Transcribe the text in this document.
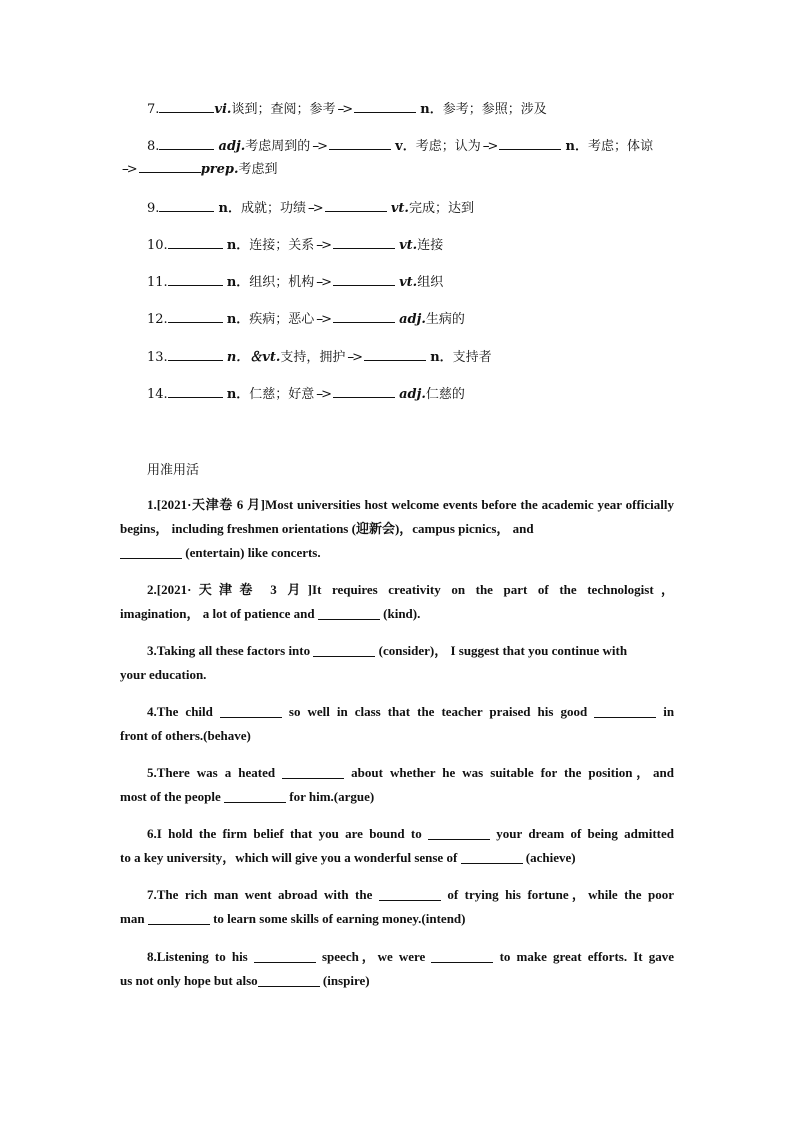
7.	vi.谈到；查阅；参考 -->	n．参考；参照；涉及
8.	adj.考虑周到的 -->	v．考虑；认为 -->	n．考虑；体谅
-->	prep.考虑到
9.	n．成就；功绩 -->	vt.完成；达到
10.	n．连接；关系 -->	vt.连接
11.	n．组织；机构 -->	vt.组织
12.	n．疾病；恶心 -->	adj.生病的
13.	n．＆vt.支持，拥护 -->	n．支持者
14.	n．仁慈；好意 -->	adj.仁慈的
用准用活
1.[2021·天津卷 6 月]Most universities host welcome events before the academic year officially begins， including freshmen orientations (迎新会)，campus picnics， and
(entertain) like concerts.
2.[2021·天津卷 3 月]It requires creativity on the part of the technologist，
imagination， a lot of patience and	(kind).
3.Taking all these factors into	(consider)， I suggest that you continue with
your education.
4.The child	so well in class that the teacher praised his good	in
front of others.(behave)
5.There was a heated	about whether he was suitable for the position，and
most of the people	for him.(argue)
6.I hold the firm belief that you are bound to	your dream of being admitted
to a key university，which will give you a wonderful sense of	(achieve)
7.The rich man went abroad with the	of trying his fortune，while the poor
man	to learn some skills of earning money.(intend)
8.Listening to his	speech，we were	to make great efforts. It gave
us not only hope but also	(inspire)
